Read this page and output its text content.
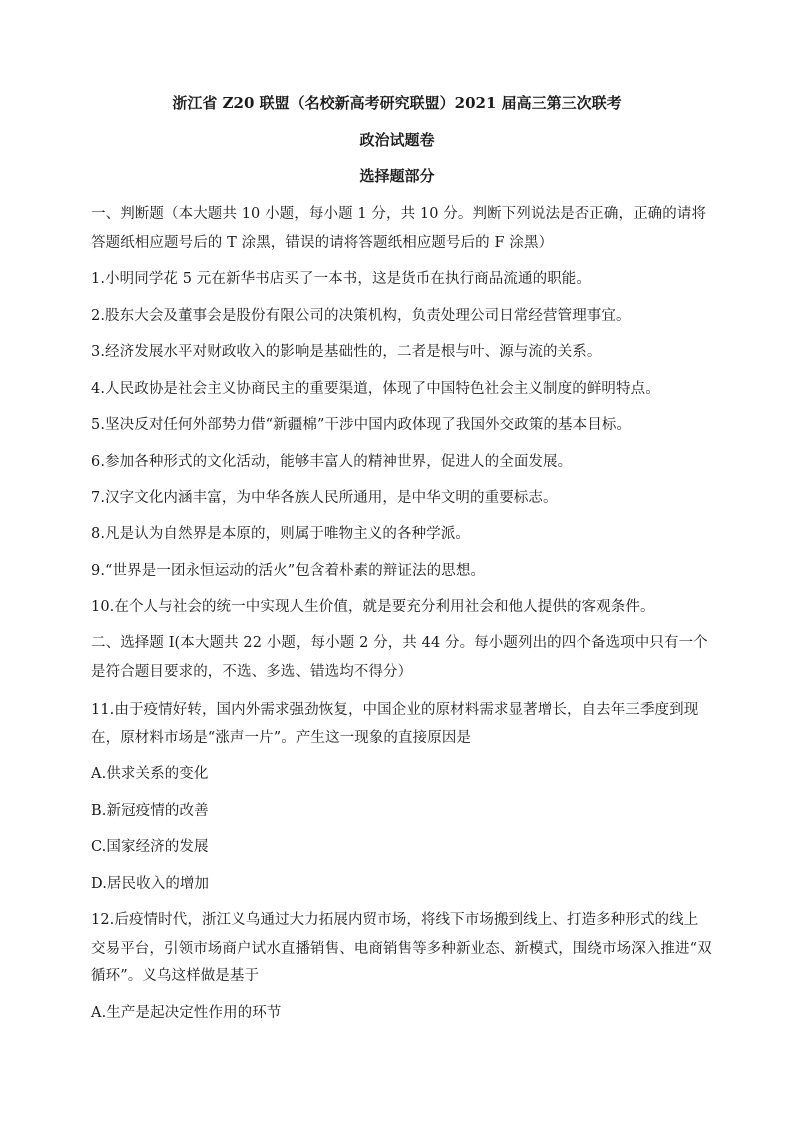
浙江省 Z20 联盟（名校新高考研究联盟）2021 届高三第三次联考
政治试题卷
选择题部分
一、判断题（本大题共 10 小题，每小题 1 分，共 10 分。判断下列说法是否正确，正确的请将
答题纸相应题号后的 T 涂黑，错误的请将答题纸相应题号后的 F 涂黑）
1.小明同学花 5 元在新华书店买了一本书，这是货币在执行商品流通的职能。
2.股东大会及董事会是股份有限公司的决策机构，负责处理公司日常经营管理事宜。
3.经济发展水平对财政收入的影响是基础性的，二者是根与叶、源与流的关系。
4.人民政协是社会主义协商民主的重要渠道，体现了中国特色社会主义制度的鲜明特点。
5.坚决反对任何外部势力借“新疆棉”干涉中国内政体现了我国外交政策的基本目标。
6.参加各种形式的文化活动，能够丰富人的精神世界，促进人的全面发展。
7.汉字文化内涵丰富，为中华各族人民所通用，是中华文明的重要标志。
8.凡是认为自然界是本原的，则属于唯物主义的各种学派。
9.“世界是一团永恒运动的活火”包含着朴素的辩证法的思想。
10.在个人与社会的统一中实现人生价值，就是要充分利用社会和他人提供的客观条件。
二、选择题 I(本大题共 22 小题，每小题 2 分，共 44 分。每小题列出的四个备选项中只有一个
是符合题目要求的，不选、多选、错选均不得分）
11.由于疫情好转，国内外需求强劲恢复，中国企业的原材料需求显著增长，自去年三季度到现
在，原材料市场是“涨声一片”。产生这一现象的直接原因是
A.供求关系的变化
B.新冠疫情的改善
C.国家经济的发展
D.居民收入的增加
12.后疫情时代，浙江义乌通过大力拓展内贸市场，将线下市场搬到线上、打造多种形式的线上
交易平台，引领市场商户试水直播销售、电商销售等多种新业态、新模式，围绕市场深入推进“双
循环”。义乌这样做是基于
A.生产是起决定性作用的环节
